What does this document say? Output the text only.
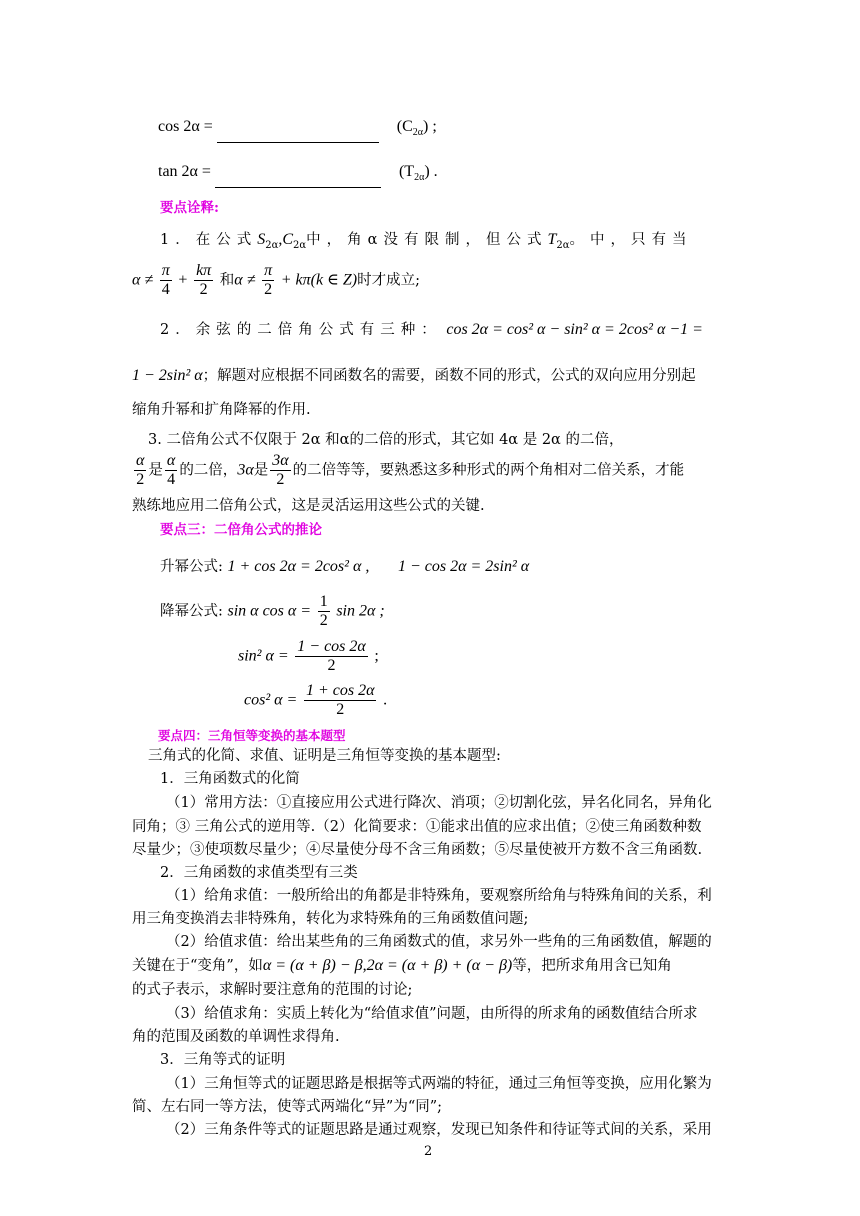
cos 2α =	$(C_{2\alpha})$ ;
tan 2α =	$(T_{2\alpha})$ .
要点诠释:
1．在公式$S_{2\alpha},C_{2\alpha}$中，角α没有限制，但公式$T_{2\alpha}$。中，只有当
$\alpha \ne \frac{\pi}{4} + \frac{k\pi}{2}$ 和$\alpha \ne \frac{\pi}{2} + k\pi(k$ ∈ Z)时才成立;
2．余弦的二倍角公式有三种： cos 2α = cos² α − sin² α = 2cos² α −1 =
1 − 2sin² α；解题对应根据不同函数名的需要，函数不同的形式，公式的双向应用分别起
缩角升幂和扩角降幂的作用.
3. 二倍角公式不仅限于 2α 和α的二倍的形式，其它如 4α 是 2α 的二倍，
$\frac{\alpha}{2}$ 是 $\frac{\alpha}{4}$ 的二倍，3α是 $\frac{3\alpha}{2}$ 的二倍等等，要熟悉这多种形式的两个角相对二倍关系，才能
熟练地应用二倍角公式，这是灵活运用这些公式的关键.
要点三：二倍角公式的推论
升幂公式: 1 + cos 2α = 2cos² α , 1 − cos 2α = 2sin² α
降幂公式: sin α $\cos \alpha = \frac{1}{2}$ sin 2α ;
sin² $\alpha = \frac{1 - \cos 2\alpha}{2}$ ;
cos² $\alpha = \frac{1 + \cos 2\alpha}{2}$ .
要点四：三角恒等变换的基本题型
三角式的化简、求值、证明是三角恒等变换的基本题型:
1．三角函数式的化简
（1）常用方法：①直接应用公式进行降次、消项；②切割化弦，异名化同名，异角化
同角；③ 三角公式的逆用等.（2）化简要求：①能求出值的应求出值；②使三角函数种数
尽量少；③使项数尽量少；④尽量使分母不含三角函数；⑤尽量使被开方数不含三角函数.
2．三角函数的求值类型有三类
（1）给角求值：一般所给出的角都是非特殊角，要观察所给角与特殊角间的关系，利
用三角变换消去非特殊角，转化为求特殊角的三角函数值问题;
（2）给值求值：给出某些角的三角函数式的值，求另外一些角的三角函数值，解题的
关键在于“变角”，如α = (α + β) − β,2α = (α + β) + (α − β)等，把所求角用含已知角
的式子表示，求解时要注意角的范围的讨论;
（3）给值求角：实质上转化为“给值求值”问题，由所得的所求角的函数值结合所求
角的范围及函数的单调性求得角.
3．三角等式的证明
（1）三角恒等式的证题思路是根据等式两端的特征，通过三角恒等变换，应用化繁为
简、左右同一等方法，使等式两端化“异”为“同”;
（2）三角条件等式的证题思路是通过观察，发现已知条件和待证等式间的关系，采用
2
